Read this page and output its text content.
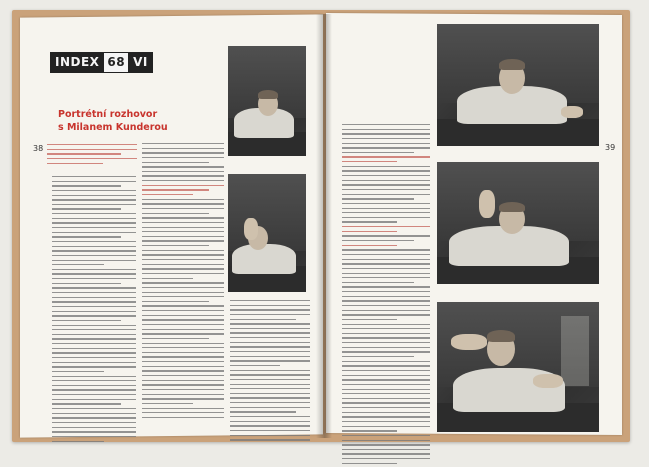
INDEX 68 VI
Portrétní rozhovor
s Milanem Kunderou
38	39
